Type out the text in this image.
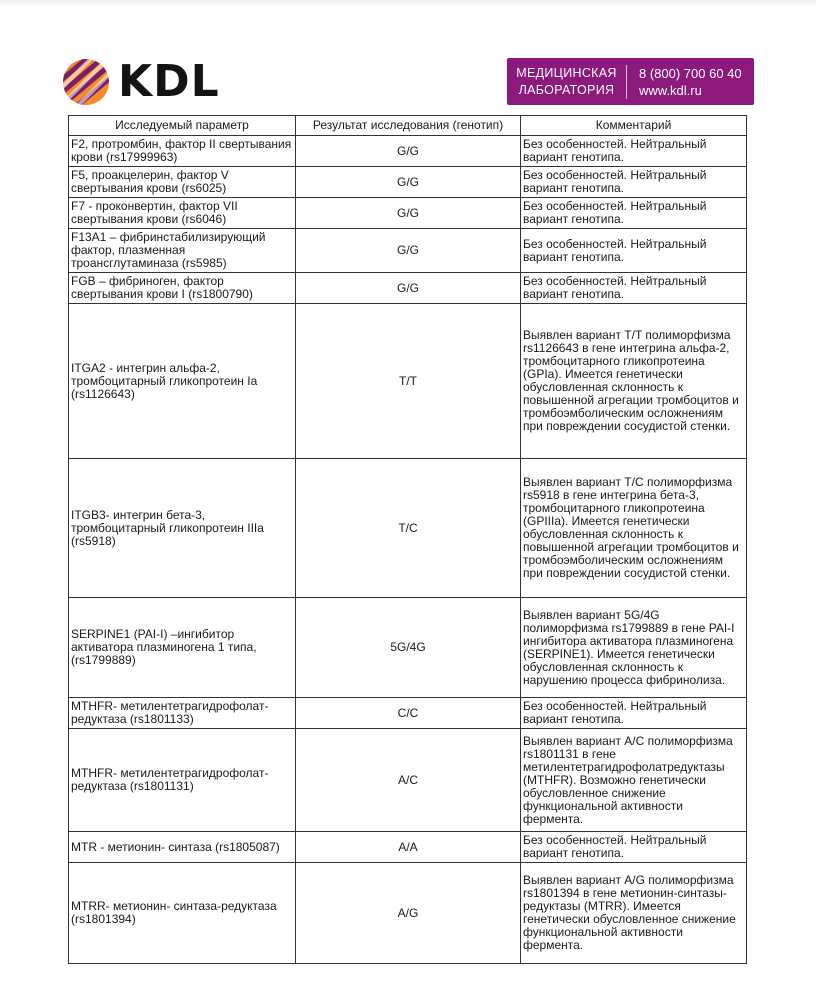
KDL	МЕДИЦИНСКАЯ
ЛАБОРАТОРИЯ
8 (800) 700 60 40
www.kdl.ru
Исследуемый параметр	Результат исследования (генотип)	Комментарий
F2, протромбин, фактор II свертывания крови (rs17999963)	G/G	Без особенностей. Нейтральный вариант генотипа.
F5, проакцелерин, фактор V свертывания крови (rs6025)	G/G	Без особенностей. Нейтральный вариант генотипа.
F7 - проконвертин, фактор VII свертывания крови (rs6046)	G/G	Без особенностей. Нейтральный вариант генотипа.
F13A1 – фибринстабилизирующий фактор, плазменная троансглутаминаза (rs5985)	G/G	Без особенностей. Нейтральный вариант генотипа.
FGB – фибриноген, фактор свертывания крови I (rs1800790)	G/G	Без особенностей. Нейтральный вариант генотипа.
ITGA2 - интегрин альфа-2, тромбоцитарный гликопротеин Ia (rs1126643)	T/T	Выявлен вариант T/T полиморфизма rs1126643 в гене интегрина альфа-2, тромбоцитарного гликопротеина (GPIa). Имеется генетически обусловленная склонность к повышенной агрегации тромбоцитов и тромбоэмболическим осложнениям при повреждении сосудистой стенки.
ITGB3- интегрин бета-3, тромбоцитарный гликопротеин IIIa (rs5918)	T/C	Выявлен вариант T/C полиморфизма rs5918 в гене интегрина бета-3, тромбоцитарного гликопротеина (GPIIIa). Имеется генетически обусловленная склонность к повышенной агрегации тромбоцитов и тромбоэмболическим осложнениям при повреждении сосудистой стенки.
SERPINE1 (PAI-I) –ингибитор активатора плазминогена 1 типа, (rs1799889)	5G/4G	Выявлен вариант 5G/4G полиморфизма rs1799889 в гене PAI-I ингибитора активатора плазминогена (SERPINE1). Имеется генетически обусловленная склонность к нарушению процесса фибринолиза.
MTHFR- метилентетрагидрофолат-редуктаза (rs1801133)	C/C	Без особенностей. Нейтральный вариант генотипа.
MTHFR- метилентетрагидрофолат-редуктаза (rs1801131)	A/C	Выявлен вариант A/C полиморфизма rs1801131 в гене метилентетрагидрофолатредуктазы (MTHFR). Возможно генетически обусловленное снижение функциональной активности фермента.
MTR - метионин- синтаза (rs1805087)	A/A	Без особенностей. Нейтральный вариант генотипа.
MTRR- метионин- синтаза-редуктаза (rs1801394)	A/G	Выявлен вариант A/G полиморфизма rs1801394 в гене метионин-синтазы-редуктазы (MTRR). Имеется генетически обусловленное снижение функциональной активности фермента.
